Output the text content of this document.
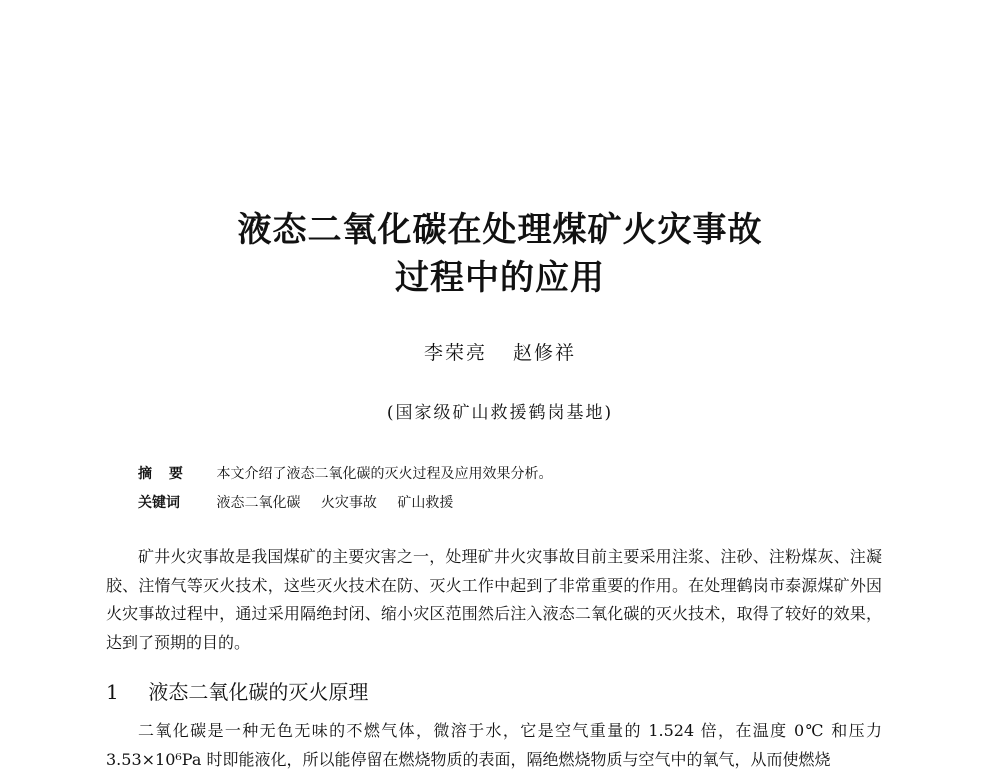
液态二氧化碳在处理煤矿火灾事故
过程中的应用
李荣亮 赵修祥
(国家级矿山救援鹤岗基地)
摘 要 本文介绍了液态二氧化碳的灭火过程及应用效果分析。
关键词	液态二氧化碳 火灾事故 矿山救援
矿井火灾事故是我国煤矿的主要灾害之一，处理矿井火灾事故目前主要采用注浆、注砂、注粉煤灰、注凝胶、注惰气等灭火技术，这些灭火技术在防、灭火工作中起到了非常重要的作用。在处理鹤岗市泰源煤矿外因火灾事故过程中，通过采用隔绝封闭、缩小灾区范围然后注入液态二氧化碳的灭火技术，取得了较好的效果，达到了预期的目的。
1 液态二氧化碳的灭火原理
二氧化碳是一种无色无味的不燃气体，微溶于水，它是空气重量的 1.524 倍，在温度 0℃ 和压力 3.53×10⁶Pa 时即能液化，所以能停留在燃烧物质的表面，隔绝燃烧物质与空气中的氧气，从而使燃烧
